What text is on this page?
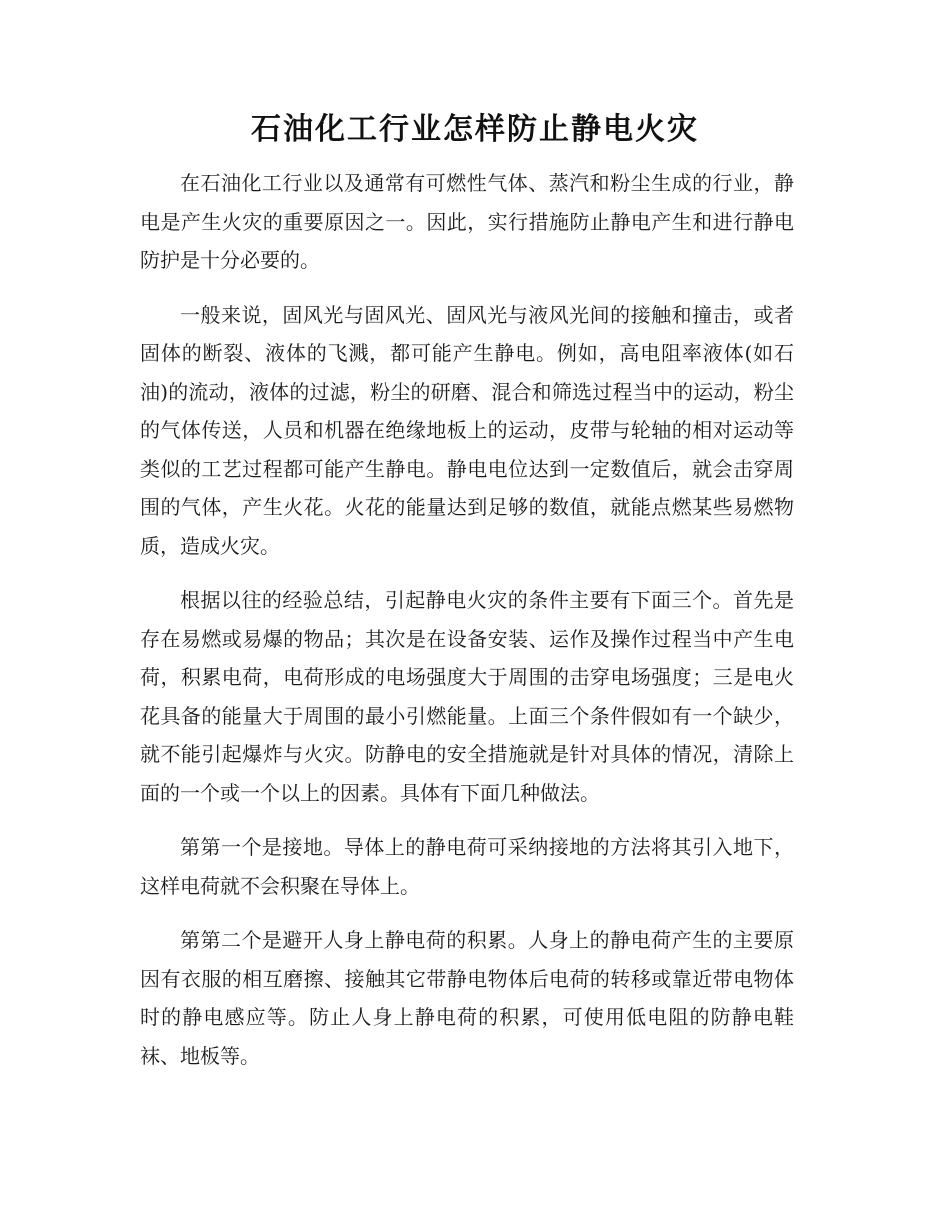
石油化工行业怎样防止静电火灾

在石油化工行业以及通常有可燃性气体、蒸汽和粉尘生成的行业，静电是产生火灾的重要原因之一。因此，实行措施防止静电产生和进行静电防护是十分必要的。

一般来说，固风光与固风光、固风光与液风光间的接触和撞击，或者固体的断裂、液体的飞溅，都可能产生静电。例如，高电阻率液体(如石油)的流动，液体的过滤，粉尘的研磨、混合和筛选过程当中的运动，粉尘的气体传送，人员和机器在绝缘地板上的运动，皮带与轮轴的相对运动等类似的工艺过程都可能产生静电。静电电位达到一定数值后，就会击穿周围的气体，产生火花。火花的能量达到足够的数值，就能点燃某些易燃物质，造成火灾。

根据以往的经验总结，引起静电火灾的条件主要有下面三个。首先是存在易燃或易爆的物品；其次是在设备安装、运作及操作过程当中产生电荷，积累电荷，电荷形成的电场强度大于周围的击穿电场强度；三是电火花具备的能量大于周围的最小引燃能量。上面三个条件假如有一个缺少，就不能引起爆炸与火灾。防静电的安全措施就是针对具体的情况，清除上面的一个或一个以上的因素。具体有下面几种做法。

第第一个是接地。导体上的静电荷可采纳接地的方法将其引入地下，这样电荷就不会积聚在导体上。

第第二个是避开人身上静电荷的积累。人身上的静电荷产生的主要原因有衣服的相互磨擦、接触其它带静电物体后电荷的转移或靠近带电物体时的静电感应等。防止人身上静电荷的积累，可使用低电阻的防静电鞋袜、地板等。
